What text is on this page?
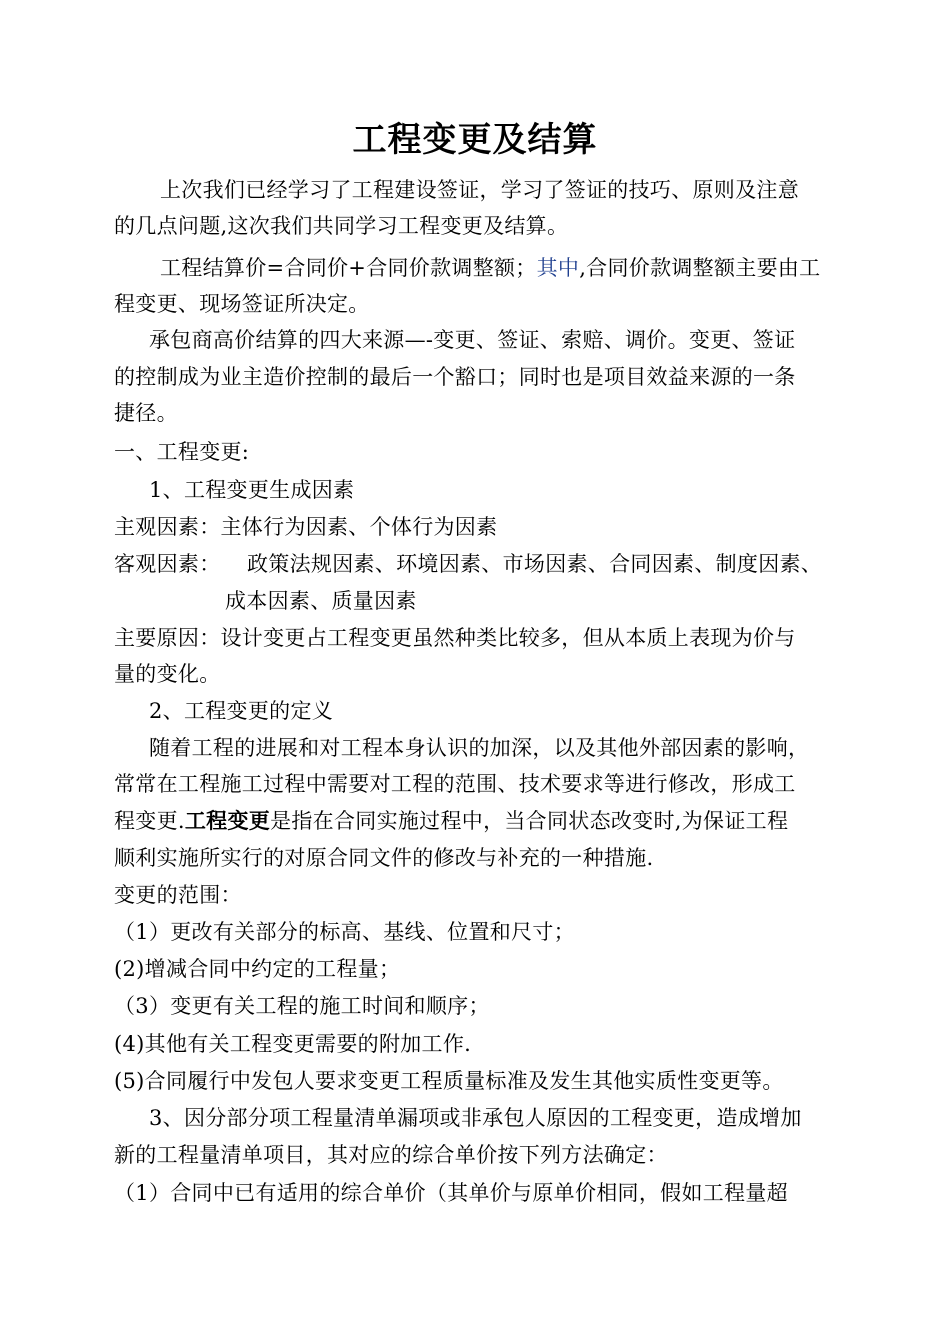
工程变更及结算
上次我们已经学习了工程建设签证，学习了签证的技巧、原则及注意
的几点问题,这次我们共同学习工程变更及结算。
工程结算价=合同价+合同价款调整额；其中,合同价款调整额主要由工
程变更、现场签证所决定。
承包商高价结算的四大来源—-变更、签证、索赔、调价。变更、签证
的控制成为业主造价控制的最后一个豁口；同时也是项目效益来源的一条
捷径。
一、工程变更:
1、工程变更生成因素
主观因素：主体行为因素、个体行为因素
客观因素： 政策法规因素、环境因素、市场因素、合同因素、制度因素、
成本因素、质量因素
主要原因：设计变更占工程变更虽然种类比较多，但从本质上表现为价与
量的变化。
2、工程变更的定义
随着工程的进展和对工程本身认识的加深，以及其他外部因素的影响，
常常在工程施工过程中需要对工程的范围、技术要求等进行修改，形成工
程变更.工程变更是指在合同实施过程中，当合同状态改变时,为保证工程
顺利实施所实行的对原合同文件的修改与补充的一种措施.
变更的范围：
（1）更改有关部分的标高、基线、位置和尺寸；
(2)增减合同中约定的工程量；
（3）变更有关工程的施工时间和顺序；
(4)其他有关工程变更需要的附加工作.
(5)合同履行中发包人要求变更工程质量标准及发生其他实质性变更等。
3、因分部分项工程量清单漏项或非承包人原因的工程变更，造成增加
新的工程量清单项目，其对应的综合单价按下列方法确定：
（1）合同中已有适用的综合单价（其单价与原单价相同，假如工程量超
